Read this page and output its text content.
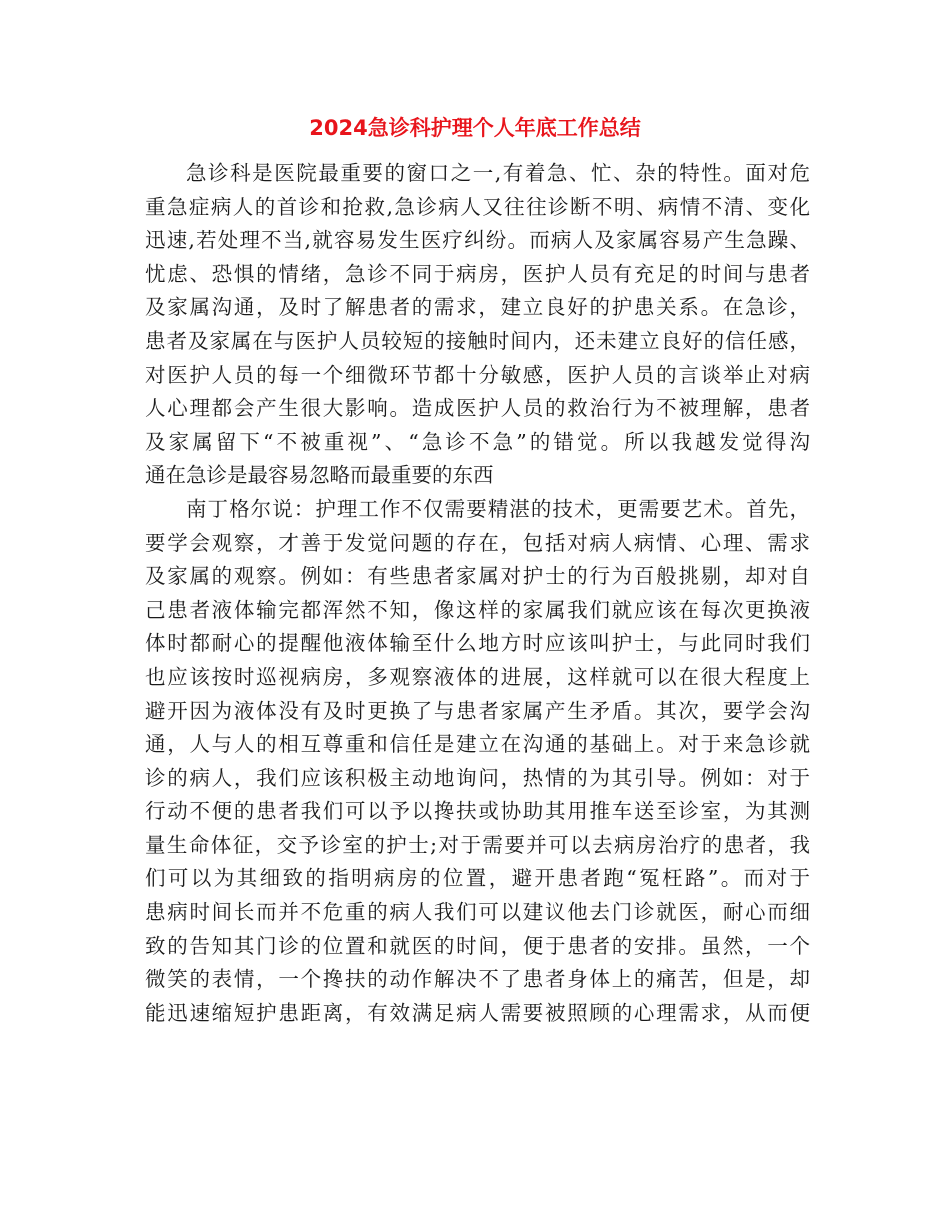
2024急诊科护理个人年底工作总结
急诊科是医院最重要的窗口之一,有着急、忙、杂的特性。面对危
重急症病人的首诊和抢救,急诊病人又往往诊断不明、病情不清、变化
迅速,若处理不当,就容易发生医疗纠纷。而病人及家属容易产生急躁、
忧虑、恐惧的情绪，急诊不同于病房，医护人员有充足的时间与患者
及家属沟通，及时了解患者的需求，建立良好的护患关系。在急诊，
患者及家属在与医护人员较短的接触时间内，还未建立良好的信任感，
对医护人员的每一个细微环节都十分敏感，医护人员的言谈举止对病
人心理都会产生很大影响。造成医护人员的救治行为不被理解，患者
及家属留下“不被重视”、“急诊不急”的错觉。所以我越发觉得沟
通在急诊是最容易忽略而最重要的东西
南丁格尔说：护理工作不仅需要精湛的技术，更需要艺术。首先，
要学会观察，才善于发觉问题的存在，包括对病人病情、心理、需求
及家属的观察。例如：有些患者家属对护士的行为百般挑剔，却对自
己患者液体输完都浑然不知，像这样的家属我们就应该在每次更换液
体时都耐心的提醒他液体输至什么地方时应该叫护士，与此同时我们
也应该按时巡视病房，多观察液体的进展，这样就可以在很大程度上
避开因为液体没有及时更换了与患者家属产生矛盾。其次，要学会沟
通，人与人的相互尊重和信任是建立在沟通的基础上。对于来急诊就
诊的病人，我们应该积极主动地询问，热情的为其引导。例如：对于
行动不便的患者我们可以予以搀扶或协助其用推车送至诊室，为其测
量生命体征，交予诊室的护士;对于需要并可以去病房治疗的患者，我
们可以为其细致的指明病房的位置，避开患者跑“冤枉路”。而对于
患病时间长而并不危重的病人我们可以建议他去门诊就医，耐心而细
致的告知其门诊的位置和就医的时间，便于患者的安排。虽然，一个
微笑的表情，一个搀扶的动作解决不了患者身体上的痛苦，但是，却
能迅速缩短护患距离，有效满足病人需要被照顾的心理需求，从而便
